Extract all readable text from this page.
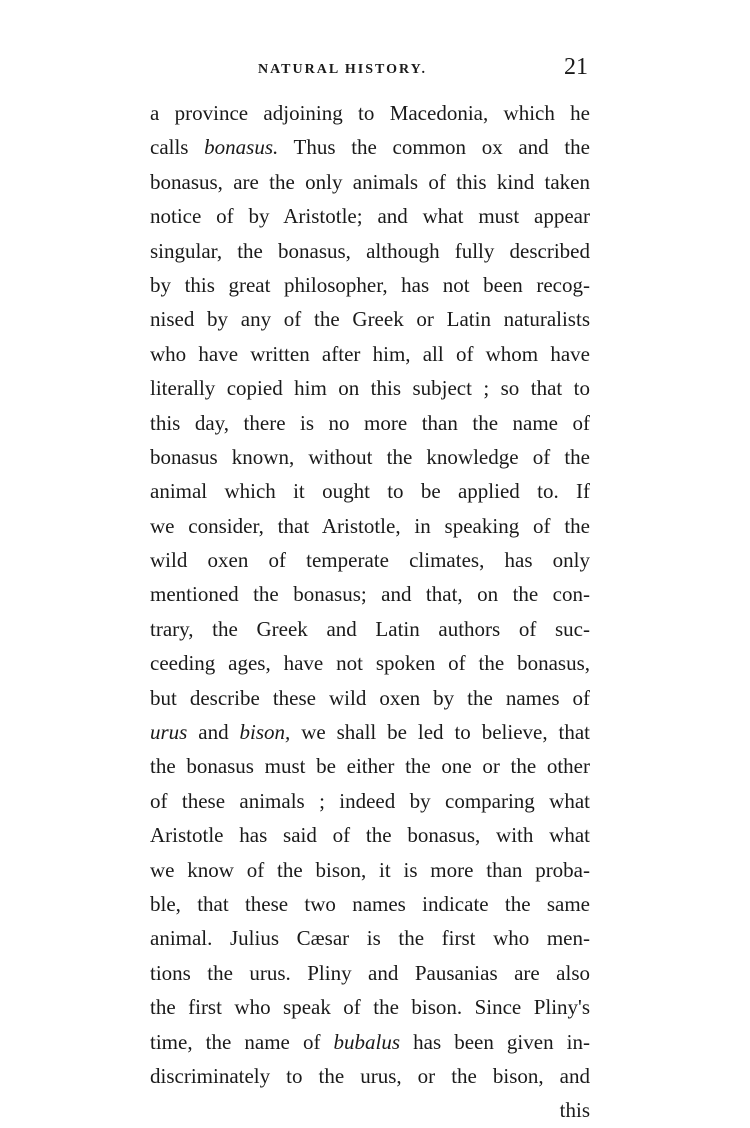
NATURAL HISTORY.	21
a province adjoining to Macedonia, which he
calls bonasus. Thus the common ox and the
bonasus, are the only animals of this kind taken
notice of by Aristotle; and what must appear
singular, the bonasus, although fully described
by this great philosopher, has not been recog-
nised by any of the Greek or Latin naturalists
who have written after him, all of whom have
literally copied him on this subject ; so that to
this day, there is no more than the name of
bonasus known, without the knowledge of the
animal which it ought to be applied to. If
we consider, that Aristotle, in speaking of the
wild oxen of temperate climates, has only
mentioned the bonasus; and that, on the con-
trary, the Greek and Latin authors of suc-
ceeding ages, have not spoken of the bonasus,
but describe these wild oxen by the names of
urus and bison, we shall be led to believe, that
the bonasus must be either the one or the other
of these animals ; indeed by comparing what
Aristotle has said of the bonasus, with what
we know of the bison, it is more than proba-
ble, that these two names indicate the same
animal. Julius Cæsar is the first who men-
tions the urus. Pliny and Pausanias are also
the first who speak of the bison. Since Pliny's
time, the name of bubalus has been given in-
discriminately to the urus, or the bison, and
this
